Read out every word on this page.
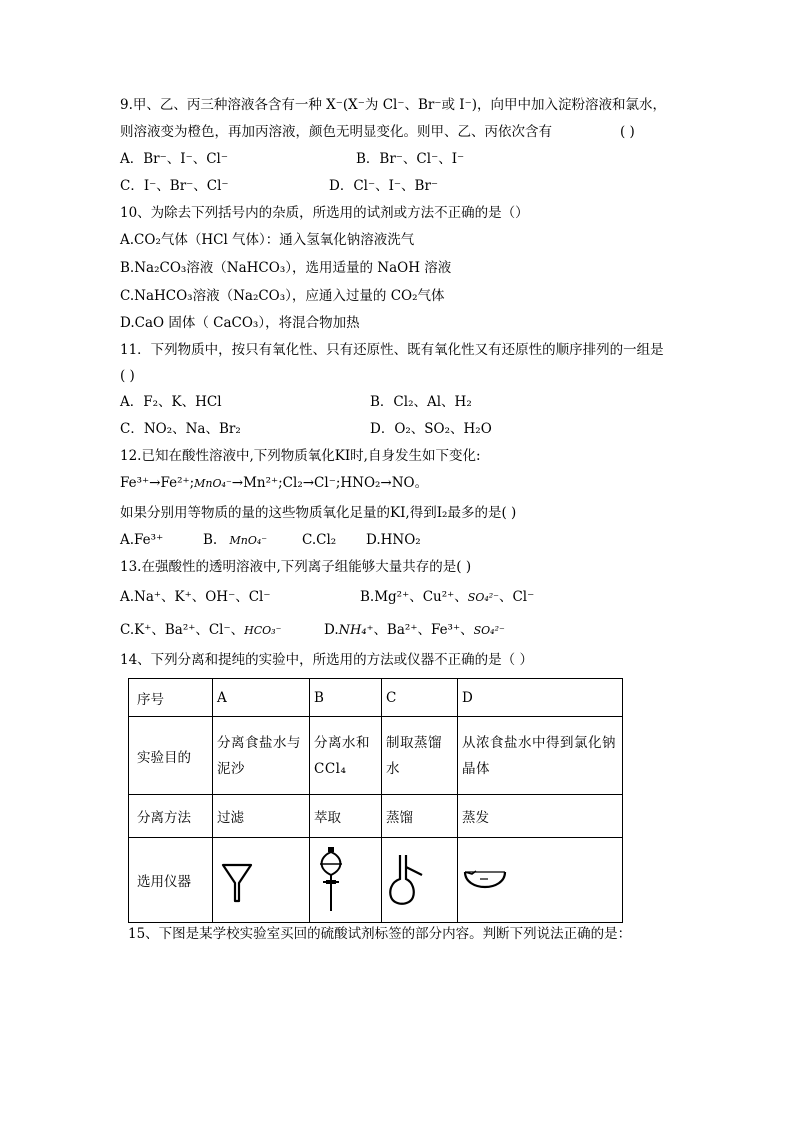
9.甲、乙、丙三种溶液各含有一种 X⁻(X⁻为 Cl⁻、Br⁻或 I⁻)，向甲中加入淀粉溶液和氯水，
则溶液变为橙色，再加丙溶液，颜色无明显变化。则甲、乙、丙依次含有	( )
A．Br⁻、I⁻、Cl⁻	B．Br⁻、Cl⁻、I⁻
C．I⁻、Br⁻、Cl⁻	D．Cl⁻、I⁻、Br⁻
10、为除去下列括号内的杂质，所选用的试剂或方法不正确的是（）
A.CO₂气体（HCl 气体）：通入氢氧化钠溶液洗气
B.Na₂CO₃溶液（NaHCO₃），选用适量的 NaOH 溶液
C.NaHCO₃溶液（Na₂CO₃），应通入过量的 CO₂气体
D.CaO 固体（ CaCO₃），将混合物加热
11．下列物质中，按只有氧化性、只有还原性、既有氧化性又有还原性的顺序排列的一组是
( )
A．F₂、K、HCl	B．Cl₂、Al、H₂
C．NO₂、Na、Br₂	D．O₂、SO₂、H₂O
12.已知在酸性溶液中,下列物质氧化KI时,自身发生如下变化:
Fe³⁺→Fe²⁺;MnO₄⁻→Mn²⁺;Cl₂→Cl⁻;HNO₂→NO。
如果分别用等物质的量的这些物质氧化足量的KI,得到I₂最多的是( )
A.Fe³⁺	B. MnO₄⁻	C.Cl₂ D.HNO₂
13.在强酸性的透明溶液中,下列离子组能够大量共存的是( )
A.Na⁺、K⁺、OH⁻、Cl⁻	B.Mg²⁺、Cu²⁺、SO₄²⁻、Cl⁻
C.K⁺、Ba²⁺、Cl⁻、HCO₃⁻	D.NH₄⁺、Ba²⁺、Fe³⁺、SO₄²⁻
14、下列分离和提纯的实验中，所选用的方法或仪器不正确的是（ ）
序号	A	B	C	D
实验目的	分离食盐水与泥沙	分离水和CCl₄	制取蒸馏水	从浓食盐水中得到氯化钠晶体
分离方法	过滤	萃取	蒸馏	蒸发
选用仪器	

15、下图是某学校实验室买回的硫酸试剂标签的部分内容。判断下列说法正确的是：
